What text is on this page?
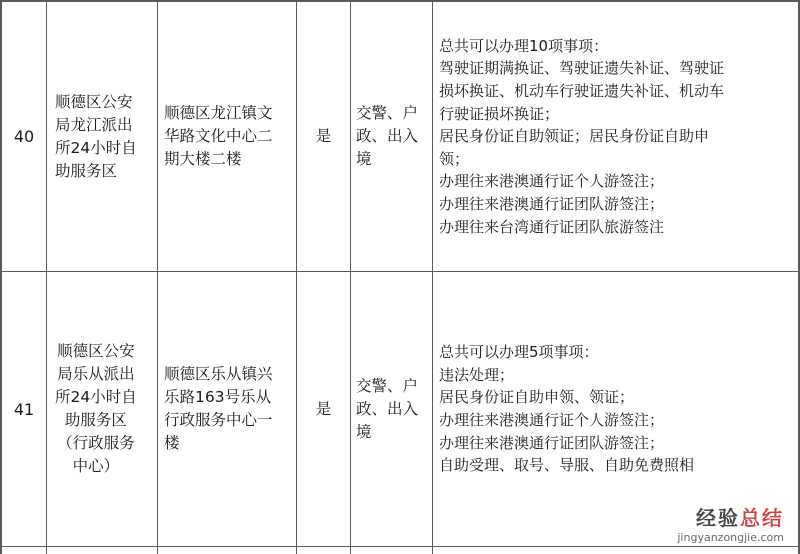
40
顺德区公安
局龙江派出
所24小时自
助服务区
顺德区龙江镇文
华路文化中心二
期大楼二楼
是
交警、户
政、出入
境
总共可以办理10项事项：
驾驶证期满换证、驾驶证遗失补证、驾驶证
损坏换证、机动车行驶证遗失补证、机动车
行驶证损坏换证；
居民身份证自助领证；居民身份证自助申
领；
办理往来港澳通行证个人游签注；
办理往来港澳通行证团队游签注；
办理往来台湾通行证团队旅游签注
41
顺德区公安
局乐从派出
所24小时自
助服务区
（行政服务
中心）
顺德区乐从镇兴
乐路163号乐从
行政服务中心一
楼
是
交警、户
政、出入
境
总共可以办理5项事项：
违法处理；
居民身份证自助申领、领证；
办理往来港澳通行证个人游签注；
办理往来港澳通行证团队游签注；
自助受理、取号、导服、自助免费照相
经验总结
jingyanzongjie.com
